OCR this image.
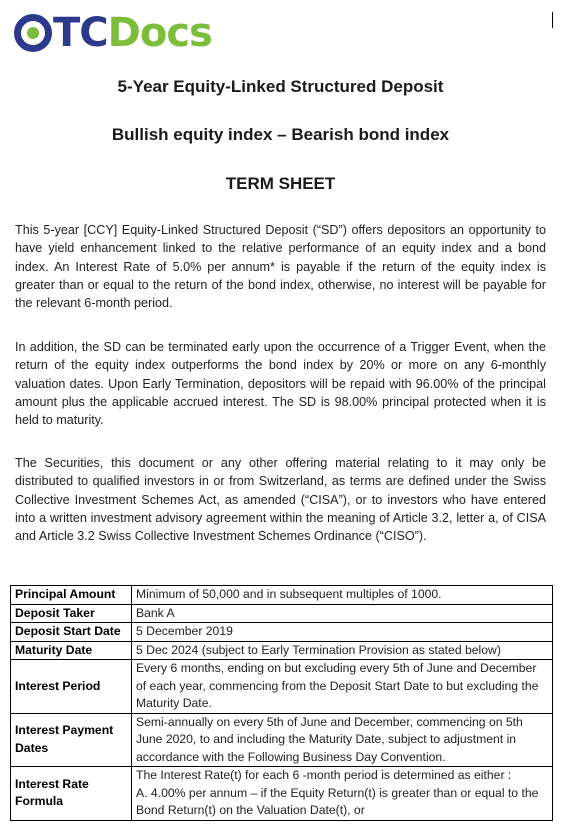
TC Docs
5-Year Equity-Linked Structured Deposit
Bullish equity index – Bearish bond index
TERM SHEET

This 5-year [CCY] Equity-Linked Structured Deposit (“SD”) offers depositors an opportunity to have yield enhancement linked to the relative performance of an equity index and a bond index. An Interest Rate of 5.0% per annum* is payable if the return of the equity index is greater than or equal to the return of the bond index, otherwise, no interest will be payable for the relevant 6-month period.

In addition, the SD can be terminated early upon the occurrence of a Trigger Event, when the return of the equity index outperforms the bond index by 20% or more on any 6-monthly valuation dates. Upon Early Termination, depositors will be repaid with 96.00% of the principal amount plus the applicable accrued interest. The SD is 98.00% principal protected when it is held to maturity.

The Securities, this document or any other offering material relating to it may only be distributed to qualified investors in or from Switzerland, as terms are defined under the Swiss Collective Investment Schemes Act, as amended (“CISA”), or to investors who have entered into a written investment advisory agreement within the meaning of Article 3.2, letter a, of CISA and Article 3.2 Swiss Collective Investment Schemes Ordinance (“CISO”).

Principal Amount	Minimum of 50,000 and in subsequent multiples of 1000.
Deposit Taker	Bank A
Deposit Start Date	5 December 2019
Maturity Date	5 Dec 2024 (subject to Early Termination Provision as stated below)
Interest Period	Every 6 months, ending on but excluding every 5th of June and December of each year, commencing from the Deposit Start Date to but excluding the Maturity Date.
Interest Payment Dates	Semi-annually on every 5th of June and December, commencing on 5th June 2020, to and including the Maturity Date, subject to adjustment in accordance with the Following Business Day Convention.
Interest Rate Formula	The Interest Rate(t) for each 6 -month period is determined as either :
A. 4.00% per annum – if the Equity Return(t) is greater than or equal to the Bond Return(t) on the Valuation Date(t), or
